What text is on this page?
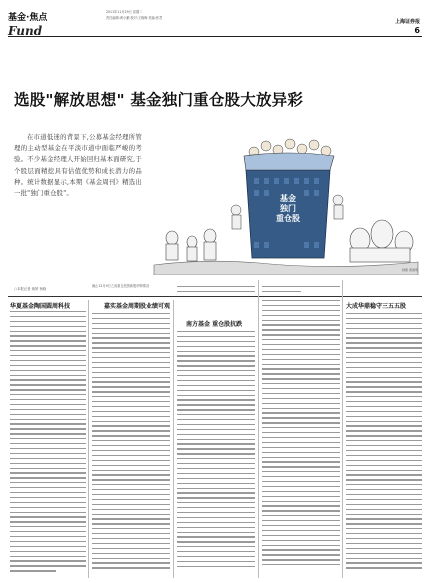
基金·焦点
Fund
2011年11月29日 星期二
责任编辑:黄小鹏 校对:王晓梅 美编:张君
上海证券报
6
选股"解放思想" 基金独门重仓股大放异彩
基金
独门
重仓股
制图 黄国明
在市道低迷的背景下,公募基金经理所管理的主动型基金在平淡市道中面临严峻的考验。不少基金经理人开始回归基本面研究,于个股层面精挖具有估值优势和成长潜力的品种。统计数据显示,本期《基金周刊》精选出一批"独门重仓股"。
○本报记者 黄婷 杨晓
华夏基金陶国圆周科技
截止12月9日之前重仓投资新股申购情况
嘉实基金周期股业绩可观
南方基金 重仓股抗跌
大成华鼎稳守三五五股
